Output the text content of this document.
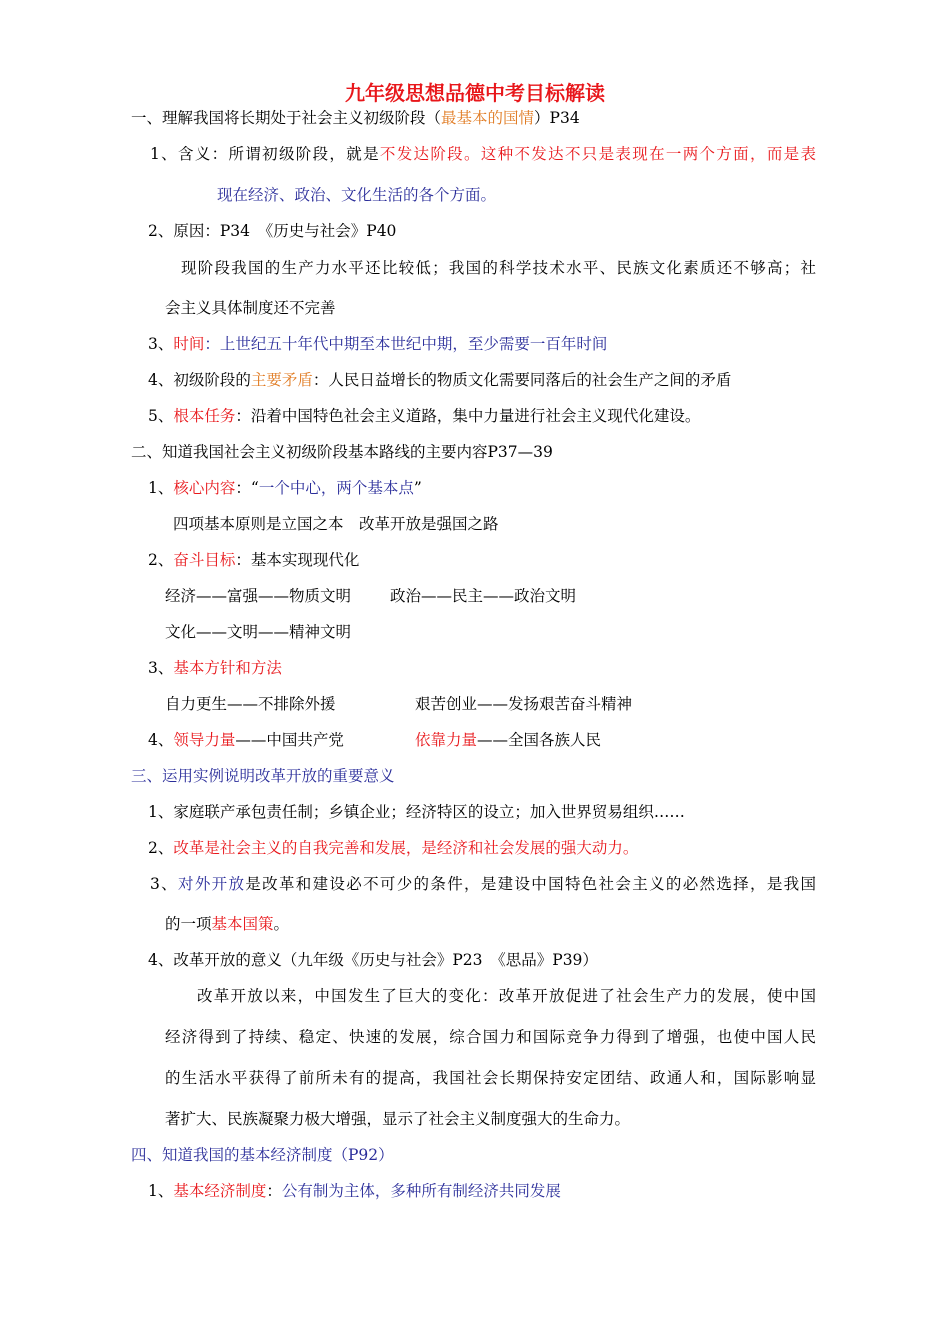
九年级思想品德中考目标解读
一、理解我国将长期处于社会主义初级阶段（最基本的国情）P34
1、含义：所谓初级阶段，就是不发达阶段。这种不发达不只是表现在一两个方面，而是表
现在经济、政治、文化生活的各个方面。
2、原因：P34　《历史与社会》P40
现阶段我国的生产力水平还比较低；我国的科学技术水平、民族文化素质还不够高；社
会主义具体制度还不完善
3、时间：上世纪五十年代中期至本世纪中期，至少需要一百年时间
4、初级阶段的主要矛盾：人民日益增长的物质文化需要同落后的社会生产之间的矛盾
5、根本任务：沿着中国特色社会主义道路，集中力量进行社会主义现代化建设。
二、知道我国社会主义初级阶段基本路线的主要内容P37—39
1、核心内容：“一个中心，两个基本点”
四项基本原则是立国之本　改革开放是强国之路
2、奋斗目标：基本实现现代化
经济——富强——物质文明	政治——民主——政治文明
文化——文明——精神文明
3、基本方针和方法
自力更生——不排除外援	艰苦创业——发扬艰苦奋斗精神
4、领导力量——中国共产党	依靠力量——全国各族人民
三、运用实例说明改革开放的重要意义
1、家庭联产承包责任制；乡镇企业；经济特区的设立；加入世界贸易组织……
2、改革是社会主义的自我完善和发展，是经济和社会发展的强大动力。
3、对外开放是改革和建设必不可少的条件，是建设中国特色社会主义的必然选择，是我国
的一项基本国策。
4、改革开放的意义（九年级《历史与社会》P23　《思品》P39）
改革开放以来，中国发生了巨大的变化：改革开放促进了社会生产力的发展，使中国
经济得到了持续、稳定、快速的发展，综合国力和国际竞争力得到了增强，也使中国人民
的生活水平获得了前所未有的提高，我国社会长期保持安定团结、政通人和，国际影响显
著扩大、民族凝聚力极大增强，显示了社会主义制度强大的生命力。
四、知道我国的基本经济制度（P92）
1、基本经济制度：公有制为主体，多种所有制经济共同发展
